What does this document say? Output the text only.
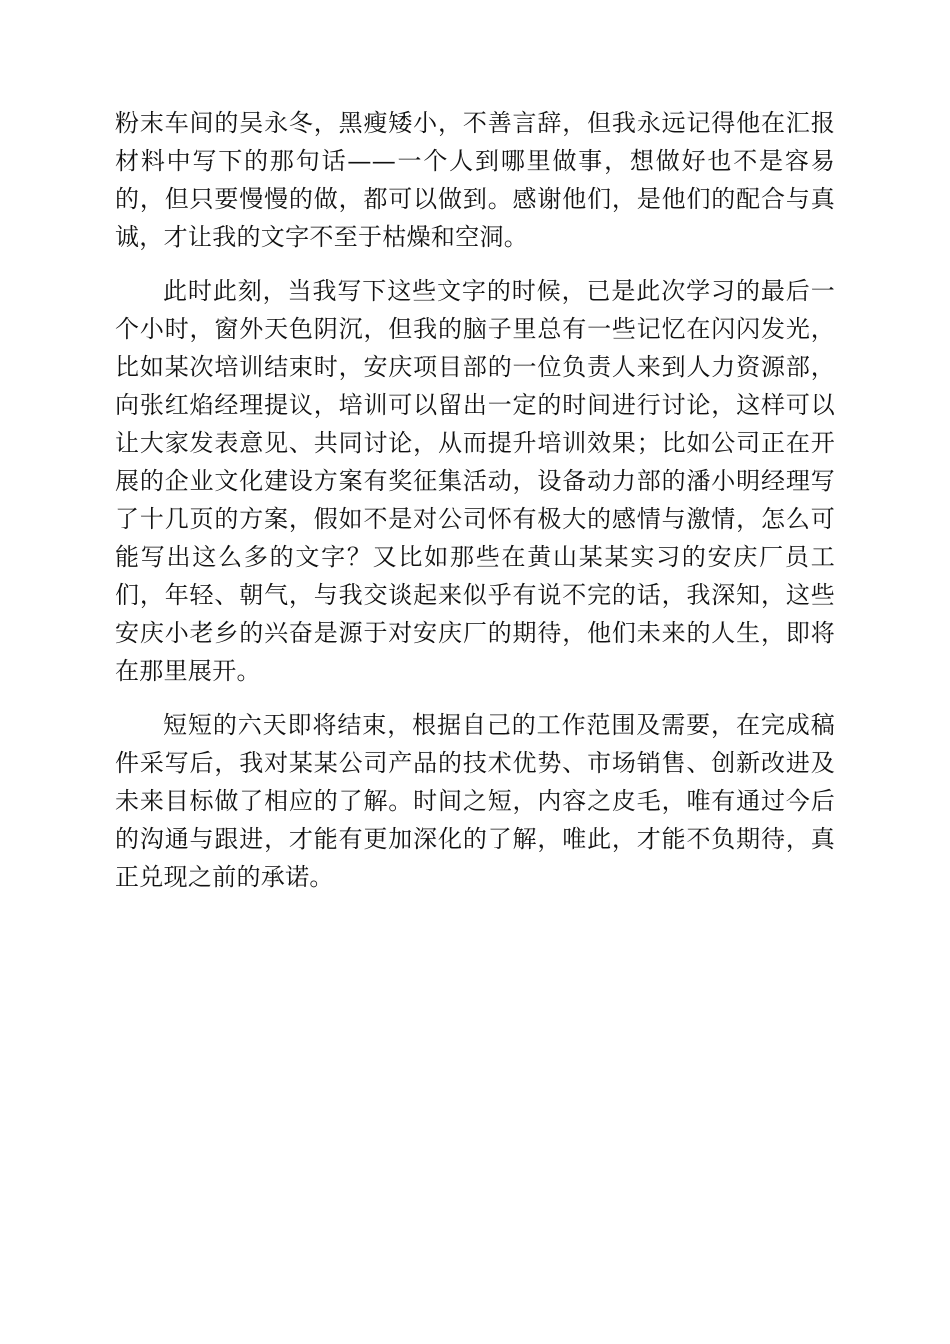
粉末车间的吴永冬，黑瘦矮小，不善言辞，但我永远记得他在汇报材料中写下的那句话——一个人到哪里做事，想做好也不是容易的，但只要慢慢的做，都可以做到。感谢他们，是他们的配合与真诚，才让我的文字不至于枯燥和空洞。

此时此刻，当我写下这些文字的时候，已是此次学习的最后一个小时，窗外天色阴沉，但我的脑子里总有一些记忆在闪闪发光，比如某次培训结束时，安庆项目部的一位负责人来到人力资源部，向张红焰经理提议，培训可以留出一定的时间进行讨论，这样可以让大家发表意见、共同讨论，从而提升培训效果；比如公司正在开展的企业文化建设方案有奖征集活动，设备动力部的潘小明经理写了十几页的方案，假如不是对公司怀有极大的感情与激情，怎么可能写出这么多的文字？又比如那些在黄山某某实习的安庆厂员工们，年轻、朝气，与我交谈起来似乎有说不完的话，我深知，这些安庆小老乡的兴奋是源于对安庆厂的期待，他们未来的人生，即将在那里展开。

短短的六天即将结束，根据自己的工作范围及需要，在完成稿件采写后，我对某某公司产品的技术优势、市场销售、创新改进及未来目标做了相应的了解。时间之短，内容之皮毛，唯有通过今后的沟通与跟进，才能有更加深化的了解，唯此，才能不负期待，真正兑现之前的承诺。
